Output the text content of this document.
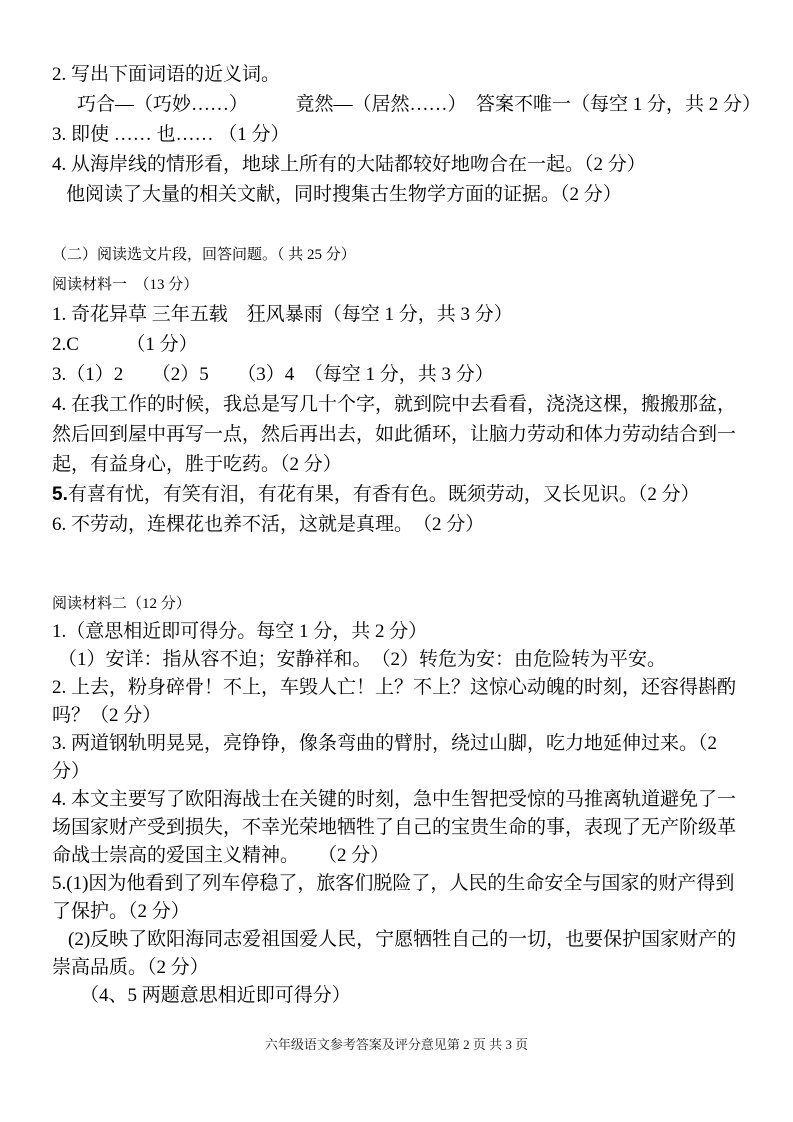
2. 写出下面词语的近义词。
巧合—（巧妙……）　　　竟然—（居然……）　答案不唯一（每空 1 分，共 2 分）
3. 即使 …… 也…… （1 分）
4. 从海岸线的情形看，地球上所有的大陆都较好地吻合在一起。（2 分）
他阅读了大量的相关文献，同时搜集古生物学方面的证据。（2 分）
（二）阅读选文片段，回答问题。（ 共 25 分）
阅读材料一　（13 分）
1. 奇花异草 三年五载　狂风暴雨（每空 1 分，共 3 分）
2.C　　　（1 分）
3.（1）2　　（2）5　　（3）4　（每空 1 分，共 3 分）
4. 在我工作的时候，我总是写几十个字，就到院中去看看，浇浇这棵，搬搬那盆，
然后回到屋中再写一点，然后再出去，如此循环，让脑力劳动和体力劳动结合到一
起，有益身心，胜于吃药。（2 分）
5.有喜有忧，有笑有泪，有花有果，有香有色。既须劳动，又长见识。（2 分）
6. 不劳动，连棵花也养不活，这就是真理。　（2 分）
阅读材料二（12 分）
1.（意思相近即可得分。每空 1 分，共 2 分）
（1）安详：指从容不迫；安静祥和。　（2）转危为安：由危险转为平安。
2. 上去，粉身碎骨！不上，车毁人亡！上？不上？这惊心动魄的时刻，还容得斟酌
吗？（2 分）
3. 两道钢轨明晃晃，亮铮铮，像条弯曲的臂肘，绕过山脚，吃力地延伸过来。（2
分）
4. 本文主要写了欧阳海战士在关键的时刻，急中生智把受惊的马推离轨道避免了一
场国家财产受到损失，不幸光荣地牺牲了自己的宝贵生命的事，表现了无产阶级革
命战士崇高的爱国主义精神。　　（2 分）
5.(1)因为他看到了列车停稳了，旅客们脱险了，人民的生命安全与国家的财产得到
了保护。（2 分）
(2)反映了欧阳海同志爱祖国爱人民，宁愿牺牲自己的一切，也要保护国家财产的
崇高品质。（2 分）
（4、5 两题意思相近即可得分）
六年级语文参考答案及评分意见第 2 页 共 3 页
